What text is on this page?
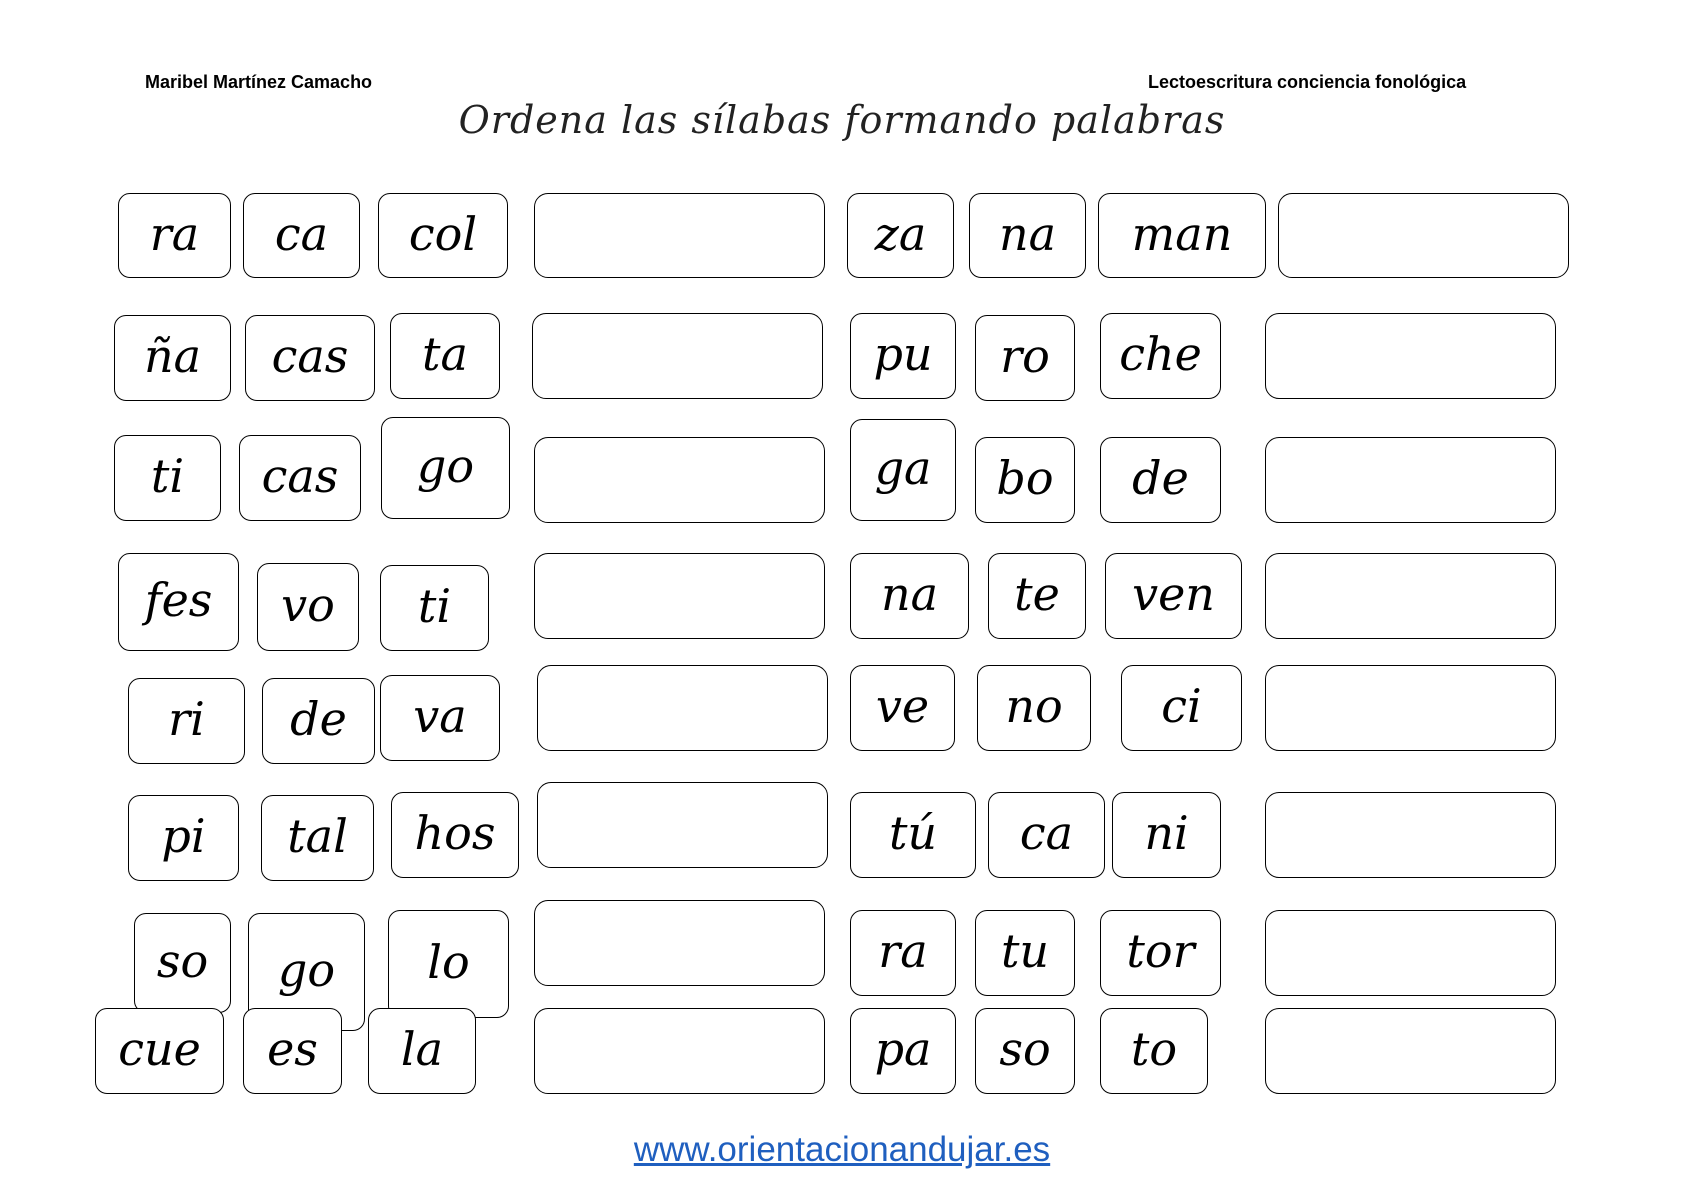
Maribel Martínez Camacho	Lectoescritura conciencia fonológica
Ordena las sílabas formando palabras
ra	ca	col
ña	cas	ta
ti	cas	go
fes	vo	ti
ri	de	va
pi	tal	hos
so	go	lo
cue	es	la
za	na	man
pu	ro	che
ga	bo	de
na	te	ven
ve	no	ci
tú	ca	ni
ra	tu	tor
pa	so	to
www.orientacionandujar.es
